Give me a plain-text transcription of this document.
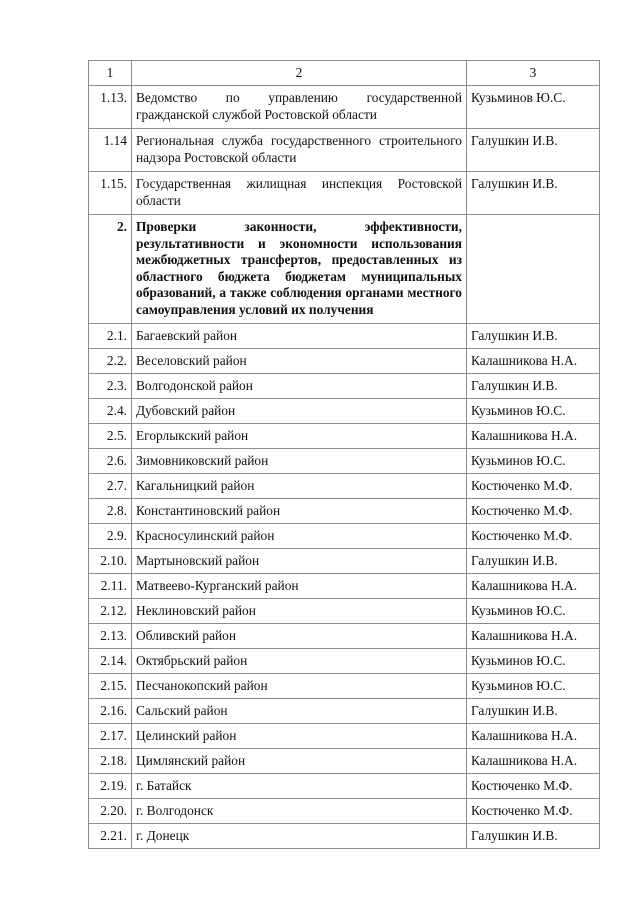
1	2	3
1.13.	Ведомство по управлению государственной гражданской службой Ростовской области	Кузьминов Ю.С.
1.14	Региональная служба государственного строительного надзора Ростовской области	Галушкин И.В.
1.15.	Государственная жилищная инспекция Ростовской области	Галушкин И.В.
2.	Проверки законности, эффективности, результативности и экономности использования межбюджетных трансфертов, предоставленных из областного бюджета бюджетам муниципальных образований, а также соблюдения органами местного самоуправления условий их получения	
2.1.	Багаевский район	Галушкин И.В.
2.2.	Веселовский район	Калашникова Н.А.
2.3.	Волгодонской район	Галушкин И.В.
2.4.	Дубовский район	Кузьминов Ю.С.
2.5.	Егорлыкский район	Калашникова Н.А.
2.6.	Зимовниковский район	Кузьминов Ю.С.
2.7.	Кагальницкий район	Костюченко М.Ф.
2.8.	Константиновский район	Костюченко М.Ф.
2.9.	Красносулинский район	Костюченко М.Ф.
2.10.	Мартыновский район	Галушкин И.В.
2.11.	Матвеево-Курганский район	Калашникова Н.А.
2.12.	Неклиновский район	Кузьминов Ю.С.
2.13.	Обливский район	Калашникова Н.А.
2.14.	Октябрьский район	Кузьминов Ю.С.
2.15.	Песчанокопский район	Кузьминов Ю.С.
2.16.	Сальский район	Галушкин И.В.
2.17.	Целинский район	Калашникова Н.А.
2.18.	Цимлянский район	Калашникова Н.А.
2.19.	г. Батайск	Костюченко М.Ф.
2.20.	г. Волгодонск	Костюченко М.Ф.
2.21.	г. Донецк	Галушкин И.В.
